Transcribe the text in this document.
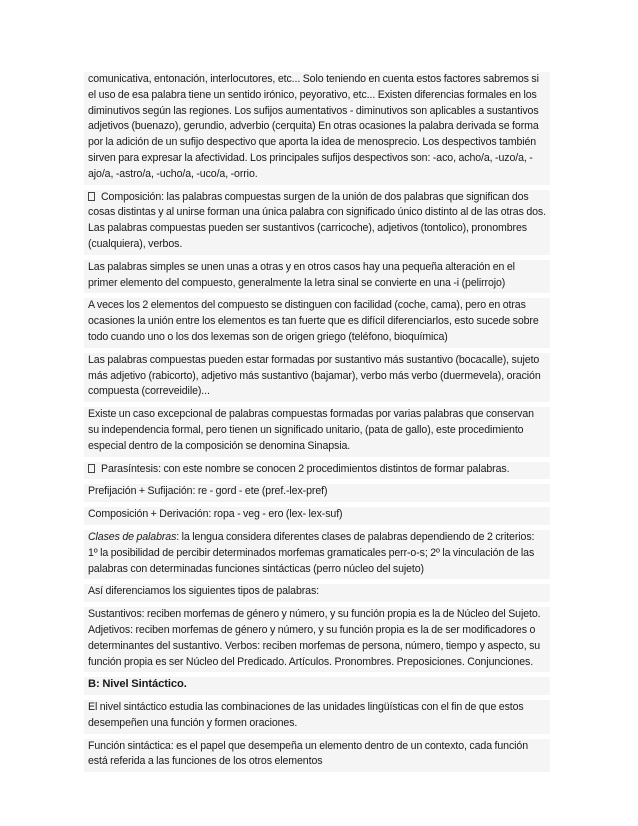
comunicativa, entonación, interlocutores, etc... Solo teniendo en cuenta estos factores sabremos si el uso de esa palabra tiene un sentido irónico, peyorativo, etc... Existen diferencias formales en los diminutivos según las regiones. Los sufijos aumentativos - diminutivos son aplicables a sustantivos adjetivos (buenazo), gerundio, adverbio (cerquita) En otras ocasiones la palabra derivada se forma por la adición de un sufijo despectivo que aporta la idea de menosprecio. Los despectivos también sirven para expresar la afectividad. Los principales sufijos despectivos son: -aco, acho/a, -uzo/a, -ajo/a, -astro/a, -ucho/a, -uco/a, -orrio.
Composición: las palabras compuestas surgen de la unión de dos palabras que significan dos cosas distintas y al unirse forman una única palabra con significado único distinto al de las otras dos. Las palabras compuestas pueden ser sustantivos (carricoche), adjetivos (tontolico), pronombres (cualquiera), verbos.
Las palabras simples se unen unas a otras y en otros casos hay una pequeña alteración en el primer elemento del compuesto, generalmente la letra sinal se convierte en una -i (pelirrojo)
A veces los 2 elementos del compuesto se distinguen con facilidad (coche, cama), pero en otras ocasiones la unión entre los elementos es tan fuerte que es difícil diferenciarlos, esto sucede sobre todo cuando uno o los dos lexemas son de origen griego (teléfono, bioquímica)
Las palabras compuestas pueden estar formadas por sustantivo más sustantivo (bocacalle), sujeto más adjetivo (rabicorto), adjetivo más sustantivo (bajamar), verbo más verbo (duermevela), oración compuesta (correveidile)...
Existe un caso excepcional de palabras compuestas formadas por varias palabras que conservan su independencia formal, pero tienen un significado unitario, (pata de gallo), este procedimiento especial dentro de la composición se denomina Sinapsia.
Parasíntesis: con este nombre se conocen 2 procedimientos distintos de formar palabras.
Prefijación + Sufijación: re - gord - ete (pref.-lex-pref)
Composición + Derivación: ropa - veg - ero (lex- lex-suf)
Clases de palabras: la lengua considera diferentes clases de palabras dependiendo de 2 criterios: 1º la posibilidad de percibir determinados morfemas gramaticales perr-o-s; 2º la vinculación de las palabras con determinadas funciones sintácticas (perro núcleo del sujeto)
Así diferenciamos los siguientes tipos de palabras:
Sustantivos: reciben morfemas de género y número, y su función propia es la de Núcleo del Sujeto. Adjetivos: reciben morfemas de género y número, y su función propia es la de ser modificadores o determinantes del sustantivo. Verbos: reciben morfemas de persona, número, tiempo y aspecto, su función propia es ser Núcleo del Predicado. Artículos. Pronombres. Preposiciones. Conjunciones.
B: Nivel Sintáctico.
El nivel sintáctico estudia las combinaciones de las unidades lingüísticas con el fin de que estos desempeñen una función y formen oraciones.
Función sintáctica: es el papel que desempeña un elemento dentro de un contexto, cada función está referida a las funciones de los otros elementos
